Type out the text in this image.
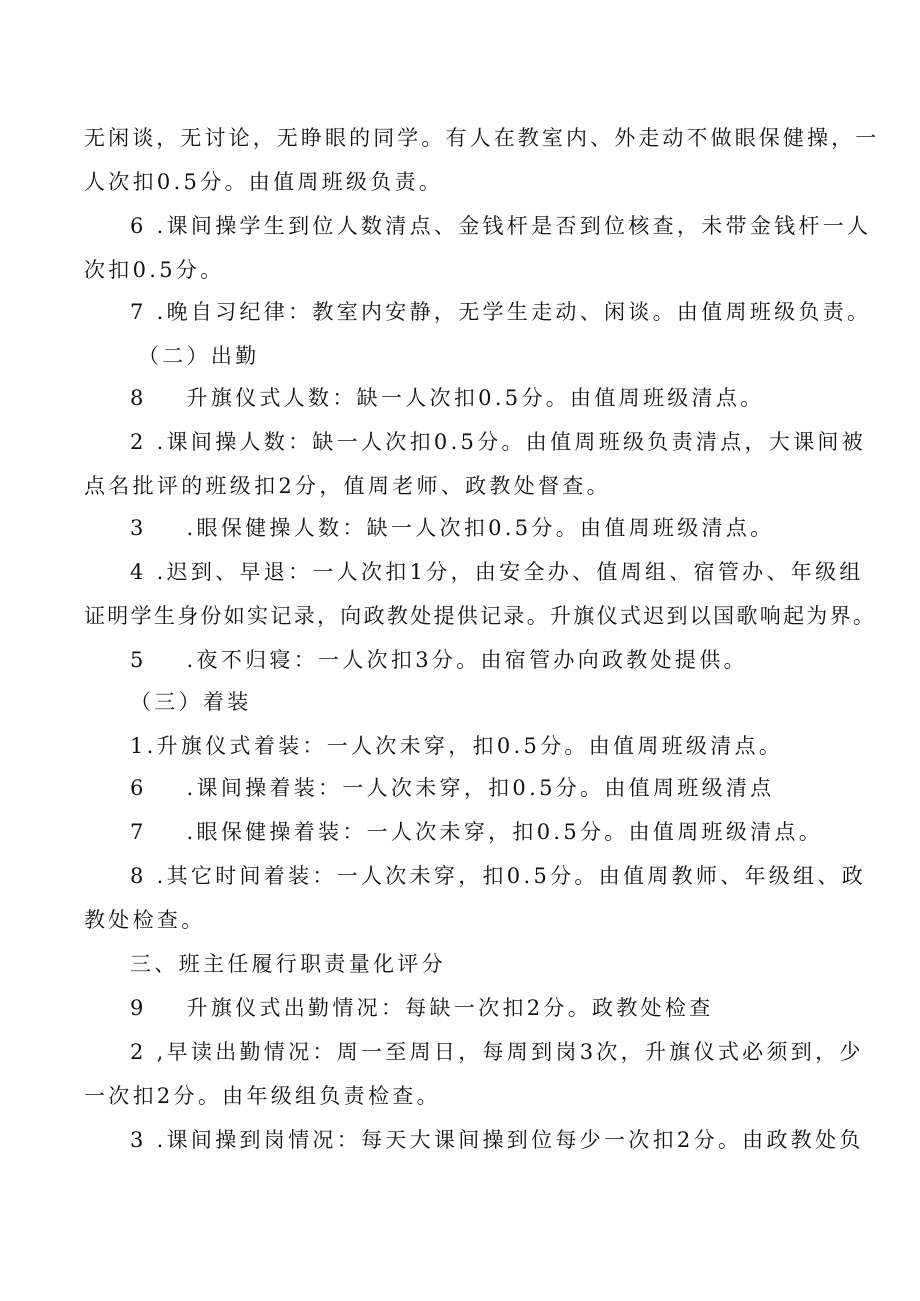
无闲谈，无讨论，无睁眼的同学。有人在教室内、外走动不做眼保健操，一
人次扣0.5分。由值周班级负责。
6 .课间操学生到位人数清点、金钱杆是否到位核查，未带金钱杆一人
次扣0.5分。
7 .晚自习纪律：教室内安静，无学生走动、闲谈。由值周班级负责。
（二）出勤
8    升旗仪式人数：缺一人次扣0.5分。由值周班级清点。
2 .课间操人数：缺一人次扣0.5分。由值周班级负责清点，大课间被
点名批评的班级扣2分，值周老师、政教处督查。
3    .眼保健操人数：缺一人次扣0.5分。由值周班级清点。
4 .迟到、早退：一人次扣1分，由安全办、值周组、宿管办、年级组
证明学生身份如实记录，向政教处提供记录。升旗仪式迟到以国歌响起为界。
5    .夜不归寝：一人次扣3分。由宿管办向政教处提供。
（三）着装
1.升旗仪式着装：一人次未穿，扣0.5分。由值周班级清点。
6    .课间操着装：一人次未穿，扣0.5分。由值周班级清点
7    .眼保健操着装：一人次未穿，扣0.5分。由值周班级清点。
8 .其它时间着装：一人次未穿，扣0.5分。由值周教师、年级组、政
教处检查。
三、班主任履行职责量化评分
9    升旗仪式出勤情况：每缺一次扣2分。政教处检查
2 ,早读出勤情况：周一至周日，每周到岗3次，升旗仪式必须到，少
一次扣2分。由年级组负责检查。
3 .课间操到岗情况：每天大课间操到位每少一次扣2分。由政教处负
